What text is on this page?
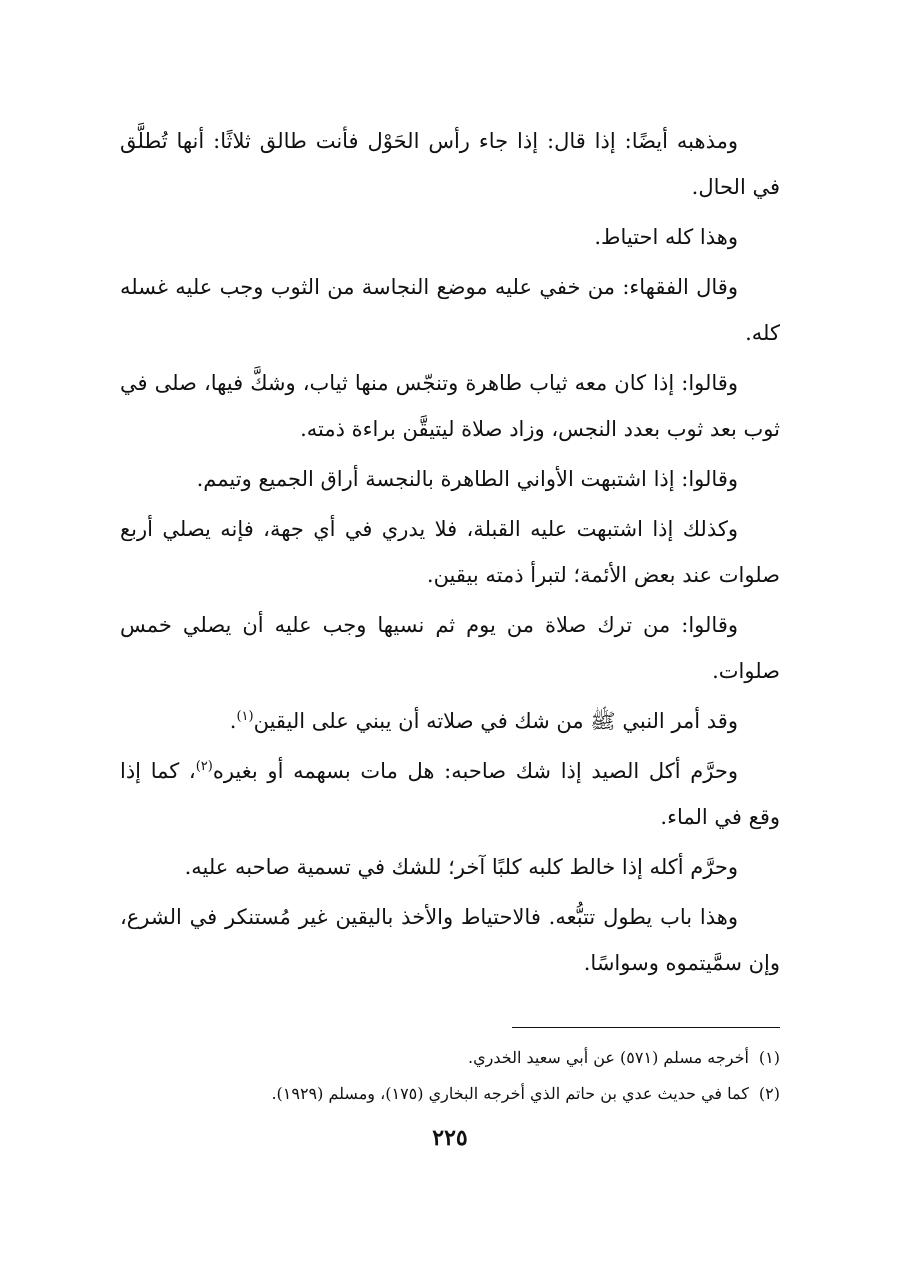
ومذهبه أيضًا: إذا قال: إذا جاء رأس الحَوْل فأنت طالق ثلاثًا: أنها تُطلَّق في الحال.

وهذا كله احتياط.

وقال الفقهاء: من خفي عليه موضع النجاسة من الثوب وجب عليه غسله كله.

وقالوا: إذا كان معه ثياب طاهرة وتنجّس منها ثياب، وشكَّ فيها، صلى في ثوب بعد ثوب بعدد النجس، وزاد صلاة ليتيقَّن براءة ذمته.

وقالوا: إذا اشتبهت الأواني الطاهرة بالنجسة أراق الجميع وتيمم.

وكذلك إذا اشتبهت عليه القبلة، فلا يدري في أي جهة، فإنه يصلي أربع صلوات عند بعض الأئمة؛ لتبرأ ذمته بيقين.

وقالوا: من ترك صلاة من يوم ثم نسيها وجب عليه أن يصلي خمس صلوات.

وقد أمر النبي ﷺ من شك في صلاته أن يبني على اليقين$^{(١)}$.

وحرَّم أكل الصيد إذا شك صاحبه: هل مات بسهمه أو بغيره$^{(٢)}$، كما إذا وقع في الماء.

وحرَّم أكله إذا خالط كلبه كلبًا آخر؛ للشك في تسمية صاحبه عليه.

وهذا باب يطول تتبُّعه. فالاحتياط والأخذ باليقين غير مُستنكر في الشرع، وإن سمَّيتموه وسواسًا.

(١)أخرجه مسلم (٥٧١) عن أبي سعيد الخدري.

(٢)كما في حديث عدي بن حاتم الذي أخرجه البخاري (١٧٥)، ومسلم (١٩٢٩).

٢٢٥
